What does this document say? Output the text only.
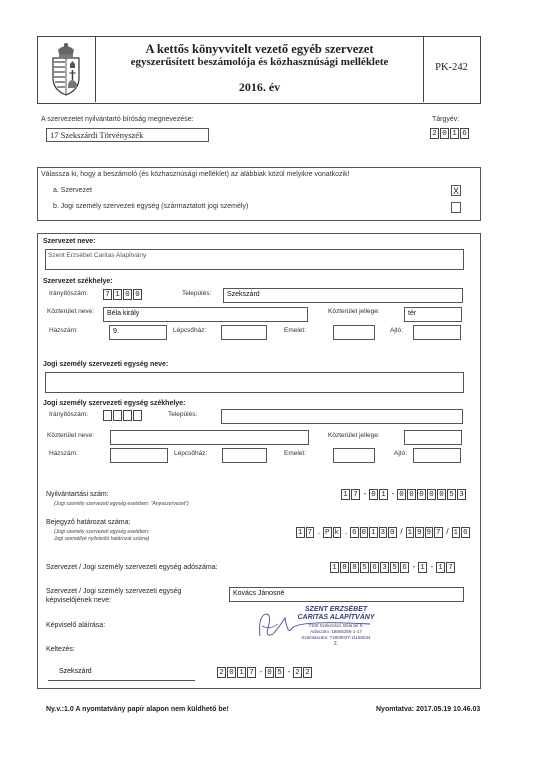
A kettős könyvvitelt vezető egyéb szervezet
egyszerűsített beszámolója és közhasznúsági melléklete
2016. év
PK-242
A szervezetet nyilvántartó bíróság megnevezése:
17 Szekszárdi Törvényszék
Tárgyév:
2 0 1 6
Válassza ki, hogy a beszámoló (és közhasznúsági melléklet) az alábbiak közül melyikre vonatkozik!
a. Szervezet	X
b. Jogi személy szervezeti egység (származtatott jogi személy)
Szervezet neve:
Szent Erzsébet Caritas Alapítvány
Szervezet székhelye:
Irányítószám: 7 1 0 0	Település: Szekszárd
Közterület neve: Béla király	Közterület jellege:	tér
Házszám:	9.	Lépcsőház:	Emelet:	Ajtó:
Jogi személy szervezeti egység neve:
Jogi személy szervezeti egység székhelye:
Irányítószám:	Település:
Közterület neve:	Közterület jellege:
Házszám:	Lépcsőház:	Emelet:	Ajtó:
Nyilvántartási szám:
(Jogi személy szervezeti egység esetében: "Anyaszervezet")
1 7 - 0 1 - 0 0 0 0 0 5 3
Bejegyző határozat száma:
(Jogi személy szervezeti egység esetében:
Jogi személlyé nyilvánító határozat száma)
1 7 . P k . 6 0 1 3 0 / 1 9 9 7 / 1 6
Szervezet / Jogi személy szervezeti egység adószáma:	1 8 8 5 6 3 5 6 - 1 - 1 7
Szervezet / Jogi személy szervezeti egység
képviselőjének neve:
Kovács Jánosné
Képviselő aláírása:
SZENT ERZSÉBET
CARITAS ALAPÍTVÁNY
7100 Szekszárd, Béla tér 9.
Adószám: 18856356-1-17
Számlaszám: 71800037-11155534
2.
Keltezés:
Szekszárd	2 0 1 7 - 0 5 - 2 2
Ny.v.:1.0 A nyomtatvány papír alapon nem küldhető be!	Nyomtatva: 2017.05.19 10.46.03
